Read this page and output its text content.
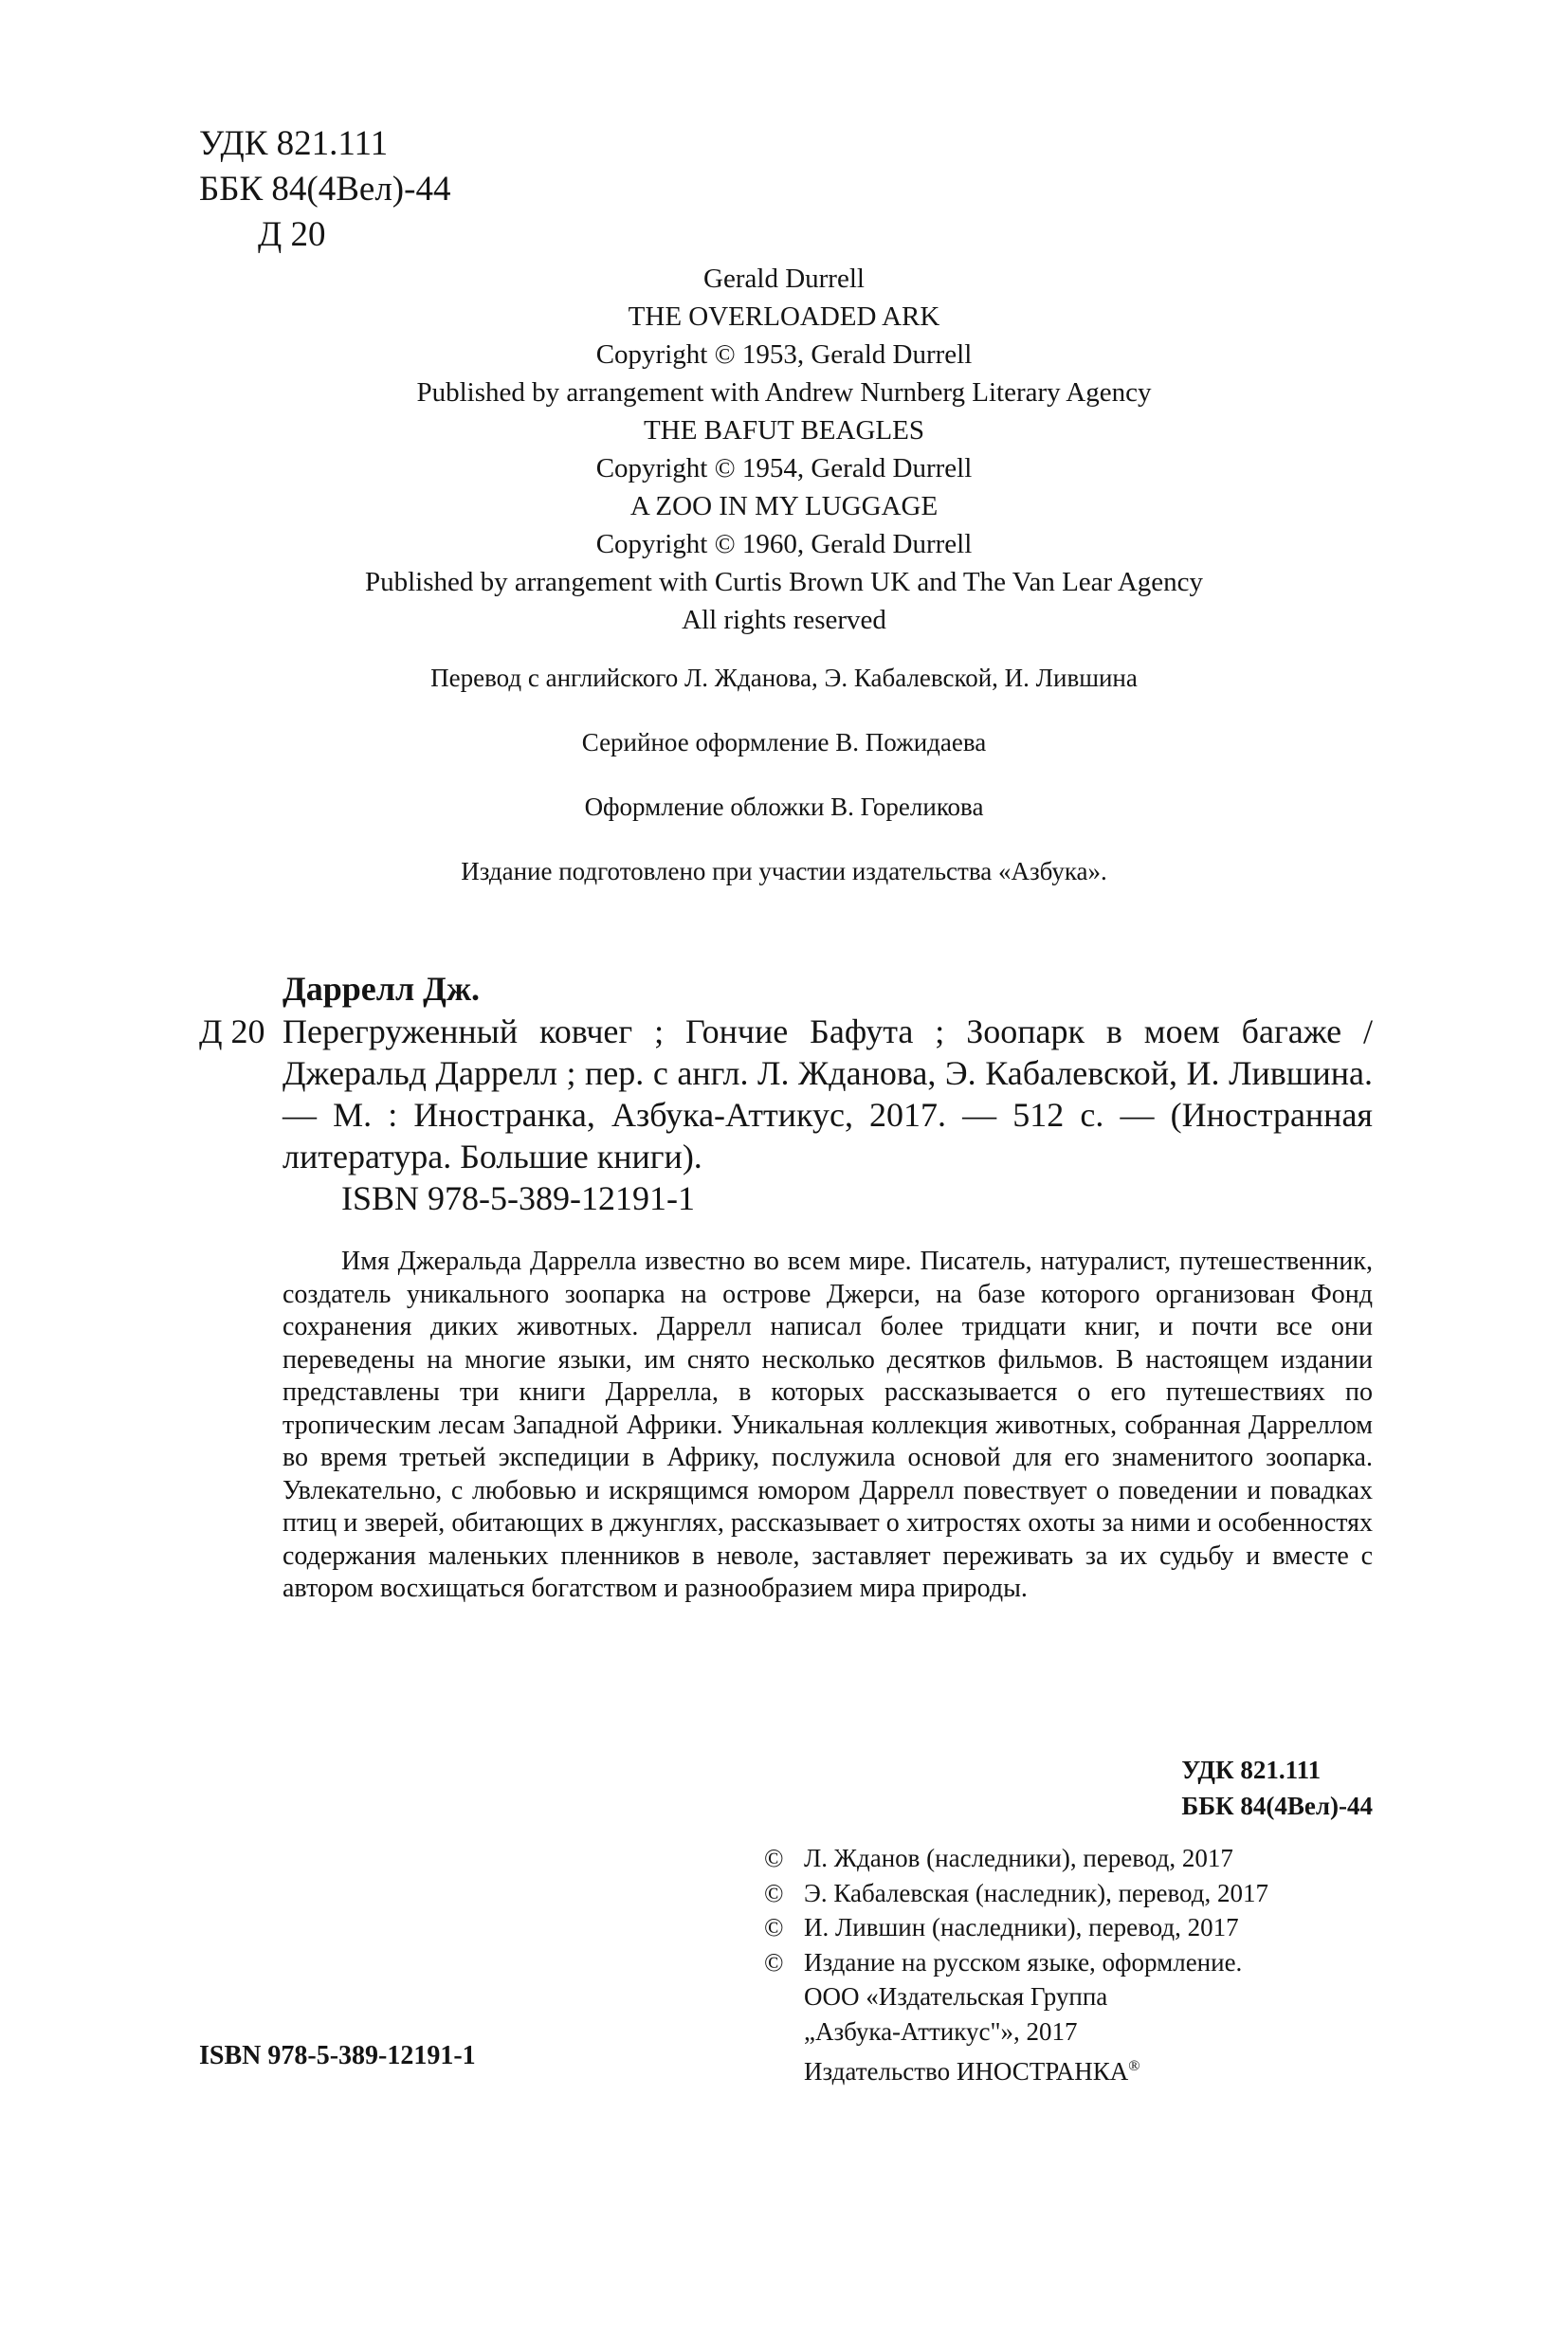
УДК 821.111
ББК 84(4Вел)-44
Д 20
Gerald Durrell
THE OVERLOADED ARK
Copyright © 1953, Gerald Durrell
Published by arrangement with Andrew Nurnberg Literary Agency
THE BAFUT BEAGLES
Copyright © 1954, Gerald Durrell
A ZOO IN MY LUGGAGE
Copyright © 1960, Gerald Durrell
Published by arrangement with Curtis Brown UK and The Van Lear Agency
All rights reserved
Перевод с английского Л. Жданова, Э. Кабалевской, И. Лившина
Серийное оформление В. Пожидаева
Оформление обложки В. Гореликова
Издание подготовлено при участии издательства «Азбука».
Даррелл Дж.
Д 20 Перегруженный ковчег ; Гончие Бафута ; Зоопарк в моем багаже / Джеральд Даррелл ; пер. с англ. Л. Жданова, Э. Кабалевской, И. Лившина. — М. : Иностранка, Азбука-Аттикус, 2017. — 512 с. — (Иностранная литература. Большие книги).
ISBN 978-5-389-12191-1
Имя Джеральда Даррелла известно во всем мире. Писатель, натуралист, путешественник, создатель уникального зоопарка на острове Джерси, на базе которого организован Фонд сохранения диких животных. Даррелл написал более тридцати книг, и почти все они переведены на многие языки, им снято несколько десятков фильмов. В настоящем издании представлены три книги Даррелла, в которых рассказывается о его путешествиях по тропическим лесам Западной Африки. Уникальная коллекция животных, собранная Дарреллом во время третьей экспедиции в Африку, послужила основой для его знаменитого зоопарка. Увлекательно, с любовью и искрящимся юмором Даррелл повествует о поведении и повадках птиц и зверей, обитающих в джунглях, рассказывает о хитростях охоты за ними и особенностях содержания маленьких пленников в неволе, заставляет переживать за их судьбу и вместе с автором восхищаться богатством и разнообразием мира природы.
УДК 821.111
ББК 84(4Вел)-44
© Л. Жданов (наследники), перевод, 2017
© Э. Кабалевская (наследник), перевод, 2017
© И. Лившин (наследники), перевод, 2017
© Издание на русском языке, оформление.
ООО «Издательская Группа
„Азбука-Аттикус"», 2017
Издательство ИНОСТРАНКА®
ISBN 978-5-389-12191-1
